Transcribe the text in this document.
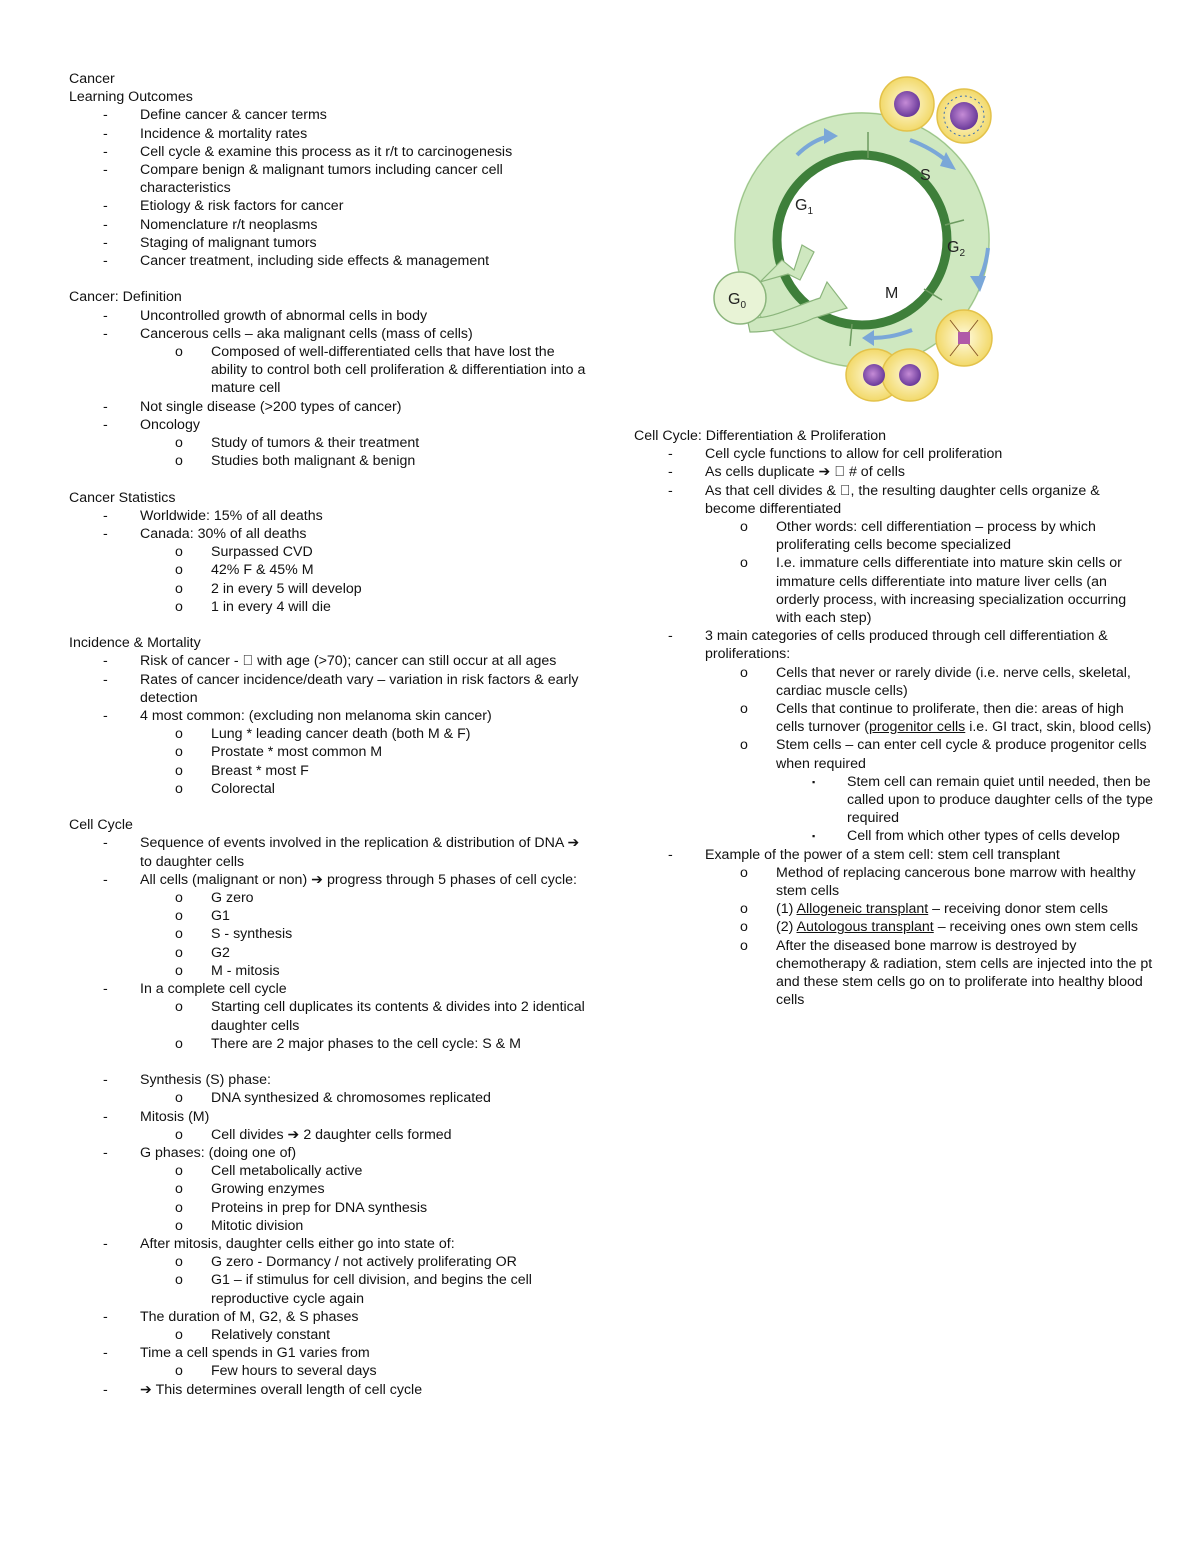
Cancer

Learning Outcomes

- Define cancer & cancer terms
- Incidence & mortality rates
- Cell cycle & examine this process as it r/t to carcinogenesis
- Compare benign & malignant tumors including cancer cell characteristics
- Etiology & risk factors for cancer
- Nomenclature r/t neoplasms
- Staging of malignant tumors
- Cancer treatment, including side effects & management

Cancer: Definition

- Uncontrolled growth of abnormal cells in body
- Cancerous cells – aka malignant cells (mass of cells)
o Composed of well-differentiated cells that have lost the ability to control both cell proliferation & differentiation into a mature cell
- Not single disease (>200 types of cancer)
- Oncology
o Study of tumors & their treatment
o Studies both malignant & benign

Cancer Statistics

- Worldwide: 15% of all deaths
- Canada: 30% of all deaths
o Surpassed CVD
o 42% F & 45% M
o 2 in every 5 will develop
o 1 in every 4 will die

Incidence & Mortality

- Risk of cancer -   with age (>70); cancer can still occur at all ages
- Rates of cancer incidence/death vary – variation in risk factors & early detection
- 4 most common: (excluding non melanoma skin cancer)
o Lung * leading cancer death (both M & F)
o Prostate * most common M
o Breast * most F
o Colorectal

Cell Cycle

- Sequence of events involved in the replication & distribution of DNA ➔ to daughter cells
- All cells (malignant or non) ➔ progress through 5 phases of cell cycle:
o G zero
o G1
o S - synthesis
o G2
o M - mitosis
- In a complete cell cycle
o Starting cell duplicates its contents & divides into 2 identical daughter cells
o There are 2 major phases to the cell cycle: S & M
- Synthesis (S) phase:
o DNA synthesized & chromosomes replicated
- Mitosis (M)
o Cell divides ➔ 2 daughter cells formed
- G phases: (doing one of)
o Cell metabolically active
o Growing enzymes
o Proteins in prep for DNA synthesis
o Mitotic division
- After mitosis, daughter cells either go into state of:
o G zero - Dormancy / not actively proliferating OR
o G1 – if stimulus for cell division, and begins the cell reproductive cycle again
- The duration of M, G2, & S phases
o Relatively constant
- Time a cell spends in G1 varies from
o Few hours to several days
- ➔ This determines overall length of cell cycle
S
$G_1$
$G_2$
M
$G_0$

Cell Cycle: Differentiation & Proliferation

- Cell cycle functions to allow for cell proliferation
- As cells duplicate ➔   # of cells
- As that cell divides &  , the resulting daughter cells organize & become differentiated
o Other words: cell differentiation – process by which proliferating cells become specialized
o I.e. immature cells differentiate into mature skin cells or immature cells differentiate into mature liver cells (an orderly process, with increasing specialization occurring with each step)
- 3 main categories of cells produced through cell differentiation & proliferations:
o Cells that never or rarely divide (i.e. nerve cells, skeletal, cardiac muscle cells)
o Cells that continue to proliferate, then die: areas of high cells turnover (progenitor cells i.e. GI tract, skin, blood cells)
o Stem cells – can enter cell cycle & produce progenitor cells when required
▪ Stem cell can remain quiet until needed, then be called upon to produce daughter cells of the type required
▪ Cell from which other types of cells develop
- Example of the power of a stem cell: stem cell transplant
o Method of replacing cancerous bone marrow with healthy stem cells
o (1) Allogeneic transplant – receiving donor stem cells
o (2) Autologous transplant – receiving ones own stem cells
o After the diseased bone marrow is destroyed by chemotherapy & radiation, stem cells are injected into the pt and these stem cells go on to proliferate into healthy blood cells
